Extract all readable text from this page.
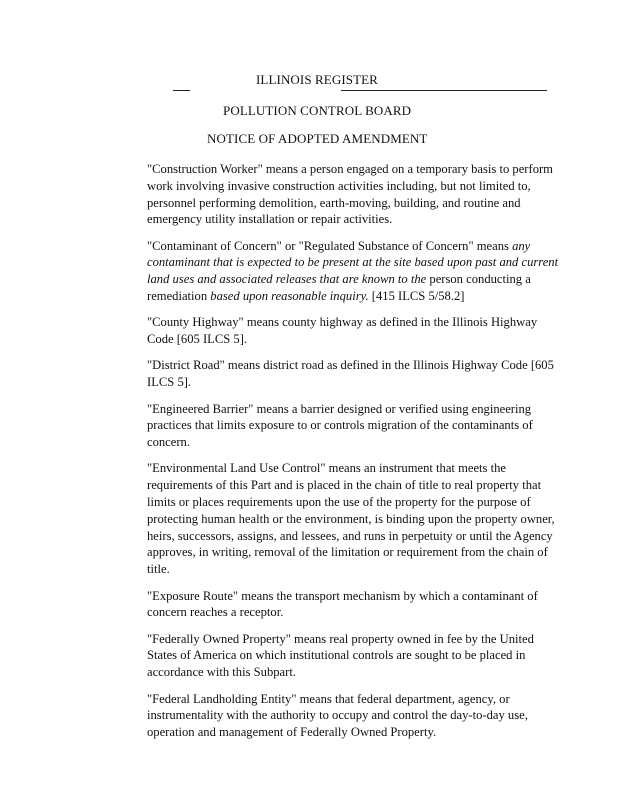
ILLINOIS REGISTER
POLLUTION CONTROL BOARD
NOTICE OF ADOPTED AMENDMENT
"Construction Worker" means a person engaged on a temporary basis to perform
work involving invasive construction activities including, but not limited to,
personnel performing demolition, earth-moving, building, and routine and
emergency utility installation or repair activities.
"Contaminant of Concern" or "Regulated Substance of Concern" means any
contaminant that is expected to be present at the site based upon past and current
land uses and associated releases that are known to the person conducting a
remediation based upon reasonable inquiry. [415 ILCS 5/58.2]
"County Highway" means county highway as defined in the Illinois Highway
Code [605 ILCS 5].
"District Road" means district road as defined in the Illinois Highway Code [605
ILCS 5].
"Engineered Barrier" means a barrier designed or verified using engineering
practices that limits exposure to or controls migration of the contaminants of
concern.
"Environmental Land Use Control" means an instrument that meets the
requirements of this Part and is placed in the chain of title to real property that
limits or places requirements upon the use of the property for the purpose of
protecting human health or the environment, is binding upon the property owner,
heirs, successors, assigns, and lessees, and runs in perpetuity or until the Agency
approves, in writing, removal of the limitation or requirement from the chain of
title.
"Exposure Route" means the transport mechanism by which a contaminant of
concern reaches a receptor.
"Federally Owned Property" means real property owned in fee by the United
States of America on which institutional controls are sought to be placed in
accordance with this Subpart.
"Federal Landholding Entity" means that federal department, agency, or
instrumentality with the authority to occupy and control the day-to-day use,
operation and management of Federally Owned Property.
